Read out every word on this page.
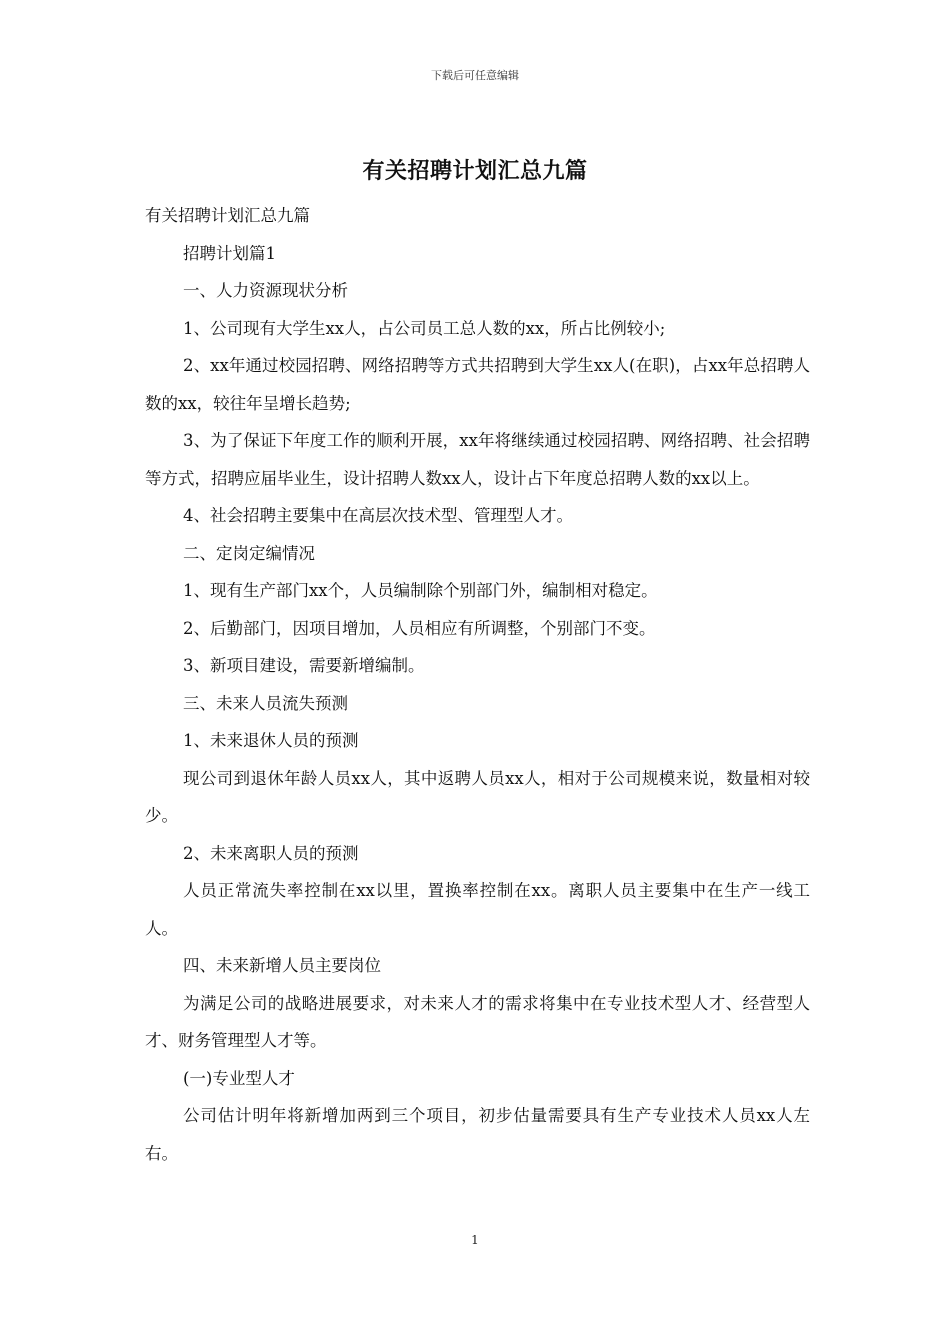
下载后可任意编辑
有关招聘计划汇总九篇

有关招聘计划汇总九篇

招聘计划篇1

一、人力资源现状分析

1、公司现有大学生xx人，占公司员工总人数的xx，所占比例较小;

2、xx年通过校园招聘、网络招聘等方式共招聘到大学生xx人(在职)，占xx年总招聘人数的xx，较往年呈增长趋势;

3、为了保证下年度工作的顺利开展，xx年将继续通过校园招聘、网络招聘、社会招聘等方式，招聘应届毕业生，设计招聘人数xx人，设计占下年度总招聘人数的xx以上。

4、社会招聘主要集中在高层次技术型、管理型人才。

二、定岗定编情况

1、现有生产部门xx个，人员编制除个别部门外，编制相对稳定。

2、后勤部门，因项目增加，人员相应有所调整，个别部门不变。

3、新项目建设，需要新增编制。

三、未来人员流失预测

1、未来退休人员的预测

现公司到退休年龄人员xx人，其中返聘人员xx人，相对于公司规模来说，数量相对较少。

2、未来离职人员的预测

人员正常流失率控制在xx以里，置换率控制在xx。离职人员主要集中在生产一线工人。

四、未来新增人员主要岗位

为满足公司的战略进展要求，对未来人才的需求将集中在专业技术型人才、经营型人才、财务管理型人才等。

(一)专业型人才

公司估计明年将新增加两到三个项目，初步估量需要具有生产专业技术人员xx人左右。

1
